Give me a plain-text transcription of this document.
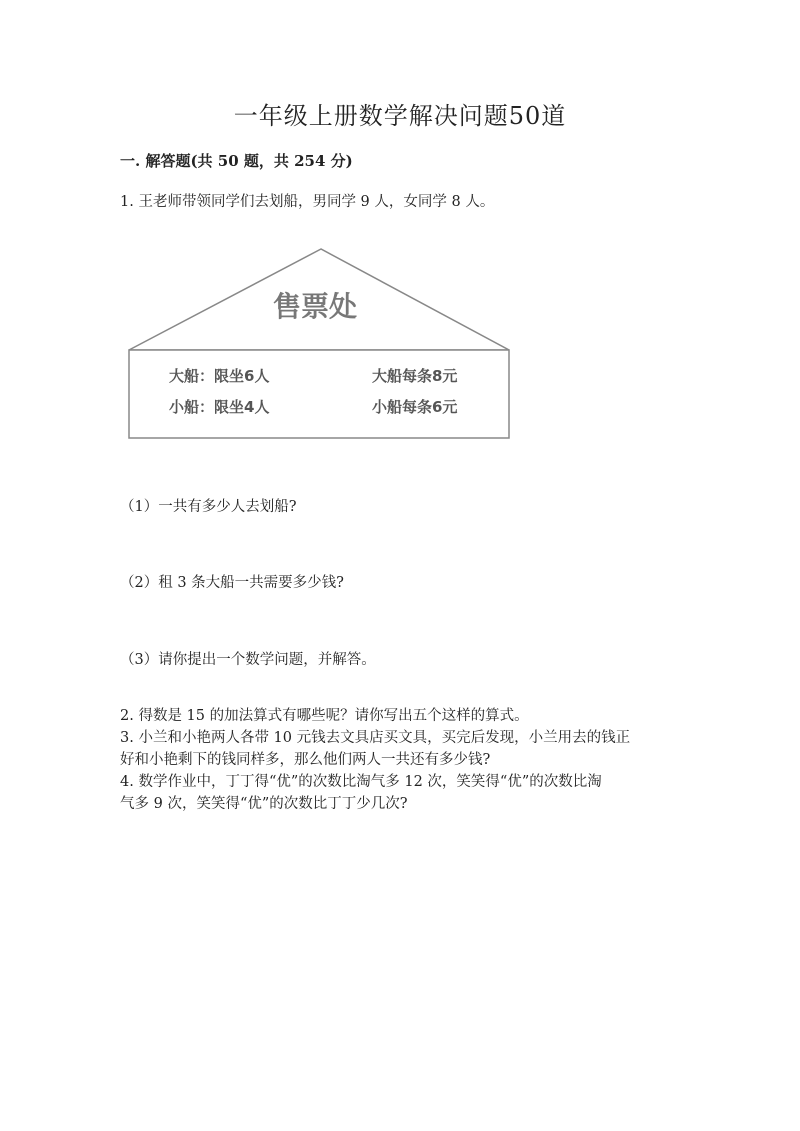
一年级上册数学解决问题50道
一. 解答题(共 50 题，共 254 分)
1. 王老师带领同学们去划船，男同学 9 人，女同学 8 人。
售票处
大船：限坐6人	大船每条8元
小船：限坐4人	小船每条6元
（1）一共有多少人去划船?
（2）租 3 条大船一共需要多少钱?
（3）请你提出一个数学问题，并解答。
2. 得数是 15 的加法算式有哪些呢？请你写出五个这样的算式。
3. 小兰和小艳两人各带 10 元钱去文具店买文具，买完后发现，小兰用去的钱正
好和小艳剩下的钱同样多，那么他们两人一共还有多少钱?
4. 数学作业中，丁丁得“优”的次数比淘气多 12 次，笑笑得“优”的次数比淘
气多 9 次，笑笑得“优”的次数比丁丁少几次?
